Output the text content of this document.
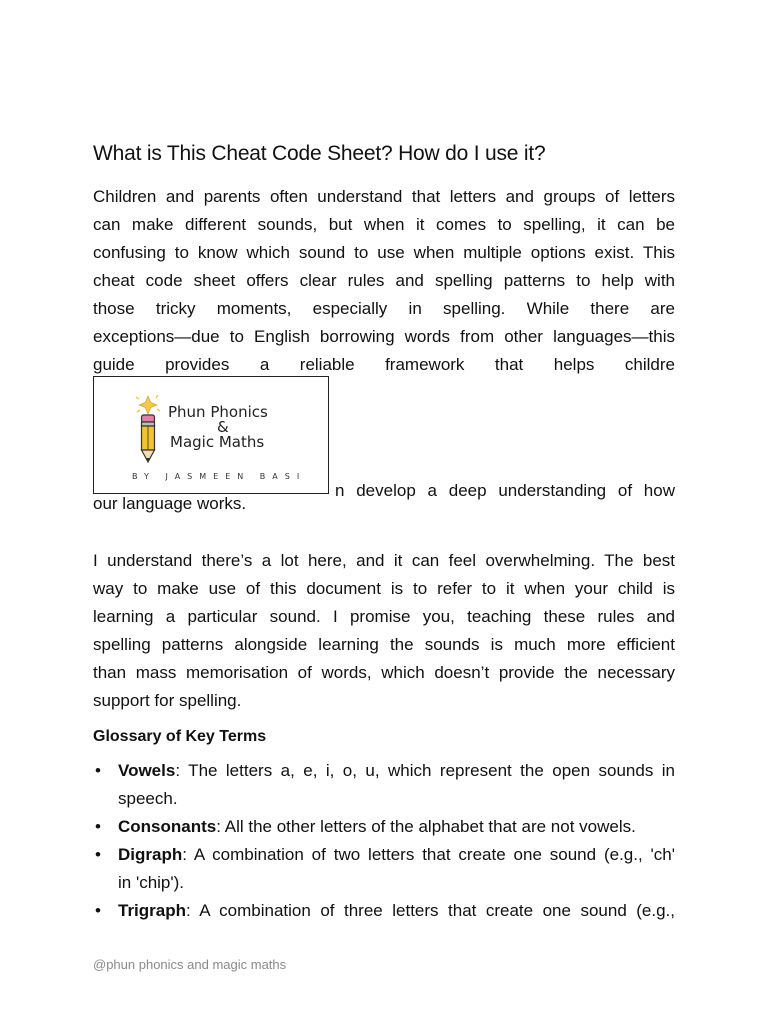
What is This Cheat Code Sheet? How do I use it?

Children and parents often understand that letters and groups of letters

can make different sounds, but when it comes to spelling, it can be

confusing to know which sound to use when multiple options exist. This

cheat code sheet offers clear rules and spelling patterns to help with

those tricky moments, especially in spelling. While there are

exceptions—due to English borrowing words from other languages—this

guide provides a reliable framework that helps childre

Phun Phonics
&
Magic Maths
BY JASMEEN BASI
n develop a deep understanding of how

our language works.

I understand there’s a lot here, and it can feel overwhelming. The best

way to make use of this document is to refer to it when your child is

learning a particular sound. I promise you, teaching these rules and

spelling patterns alongside learning the sounds is much more efficient

than mass memorisation of words, which doesn’t provide the necessary

support for spelling.

Glossary of Key Terms

• Vowels: The letters a, e, i, o, u, which represent the open sounds in

speech.

• Consonants: All the other letters of the alphabet that are not vowels.

• Digraph: A combination of two letters that create one sound (e.g., 'ch'

in 'chip').

• Trigraph: A combination of three letters that create one sound (e.g.,

@phun phonics and magic maths
